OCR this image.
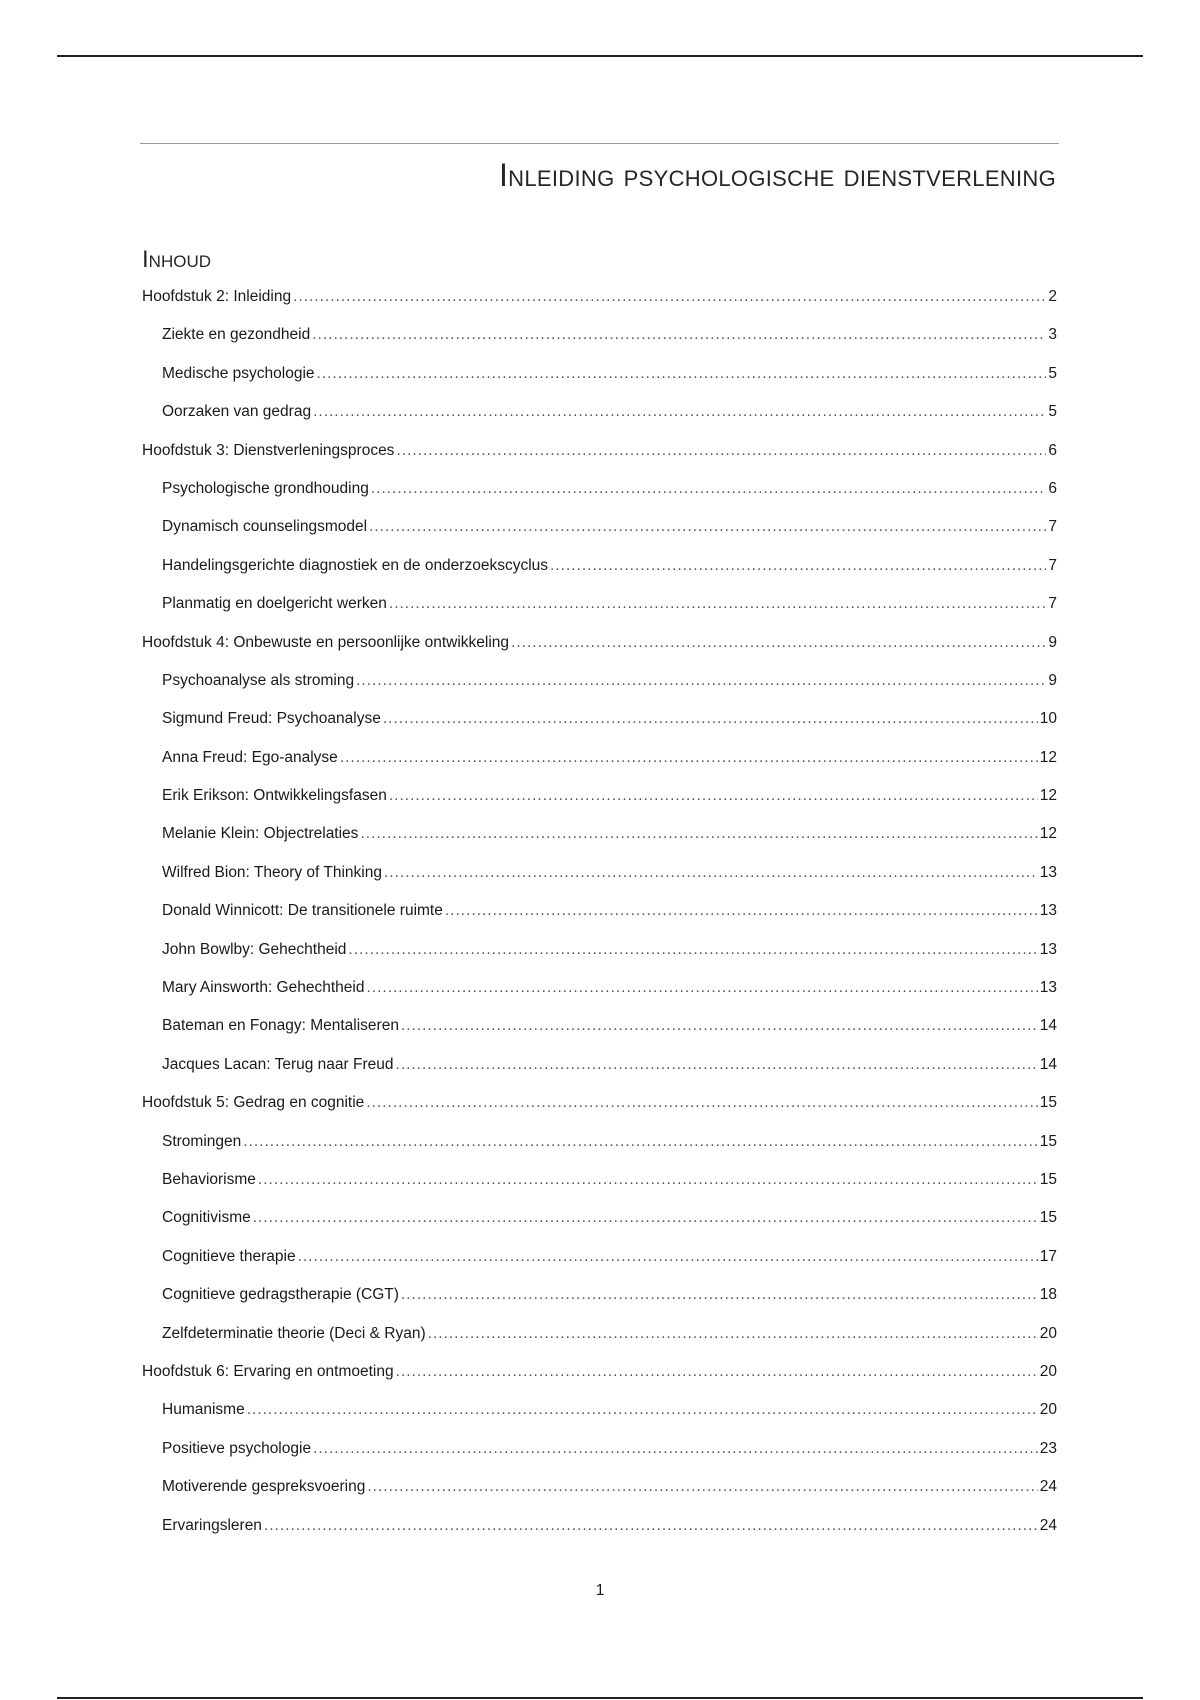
Inleiding psychologische dienstverlening
Inhoud
Hoofdstuk 2: Inleiding .....	2
Ziekte en gezondheid .....	3
Medische psychologie .....	5
Oorzaken van gedrag .....	5
Hoofdstuk 3: Dienstverleningsproces .....	6
Psychologische grondhouding .....	6
Dynamisch counselingsmodel .....	7
Handelingsgerichte diagnostiek en de onderzoekscyclus .....	7
Planmatig en doelgericht werken .....	7
Hoofdstuk 4: Onbewuste en persoonlijke ontwikkeling .....	9
Psychoanalyse als stroming .....	9
Sigmund Freud: Psychoanalyse .....	10
Anna Freud: Ego-analyse .....	12
Erik Erikson: Ontwikkelingsfasen .....	12
Melanie Klein: Objectrelaties .....	12
Wilfred Bion: Theory of Thinking .....	13
Donald Winnicott: De transitionele ruimte .....	13
John Bowlby: Gehechtheid .....	13
Mary Ainsworth: Gehechtheid .....	13
Bateman en Fonagy: Mentaliseren .....	14
Jacques Lacan: Terug naar Freud .....	14
Hoofdstuk 5: Gedrag en cognitie .....	15
Stromingen .....	15
Behaviorisme .....	15
Cognitivisme .....	15
Cognitieve therapie .....	17
Cognitieve gedragstherapie (CGT) .....	18
Zelfdeterminatie theorie (Deci & Ryan) .....	20
Hoofdstuk 6: Ervaring en ontmoeting .....	20
Humanisme .....	20
Positieve psychologie .....	23
Motiverende gespreksvoering .....	24
Ervaringsleren .....	24
1
